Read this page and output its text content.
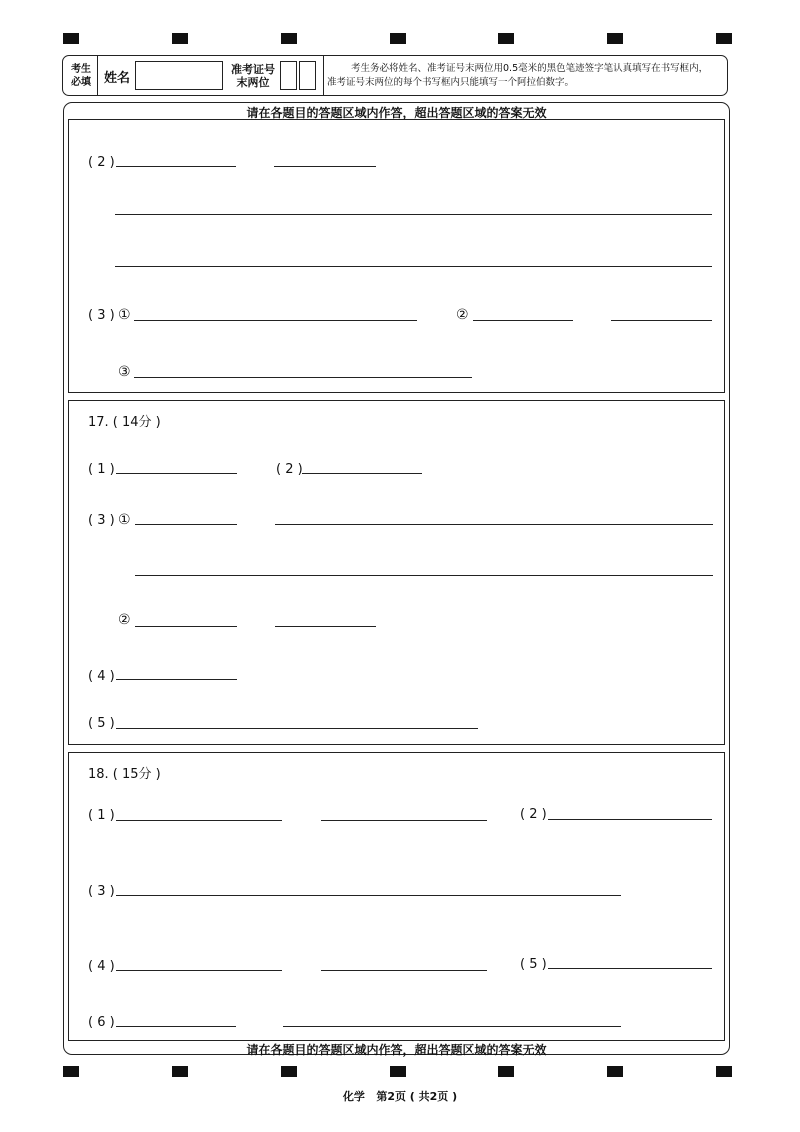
考生
必填 姓名
准考证号
末两位
考生务必将姓名、准考证号末两位用0.5毫米的黑色笔迹签字笔认真填写在书写框内，
准考证号末两位的每个书写框内只能填写一个阿拉伯数字。
请在各题目的答题区域内作答，超出答题区域的答案无效
( 2 )
( 3 ) ①	②
③
17. ( 14分 )
( 1 )	( 2 )
( 3 ) ①
②
( 4 )
( 5 )
18. ( 15分 )
( 1 )	( 2 )
( 3 )
( 4 )	( 5 )
( 6 )
请在各题目的答题区域内作答，超出答题区域的答案无效
化学   第2页 ( 共2页 )
